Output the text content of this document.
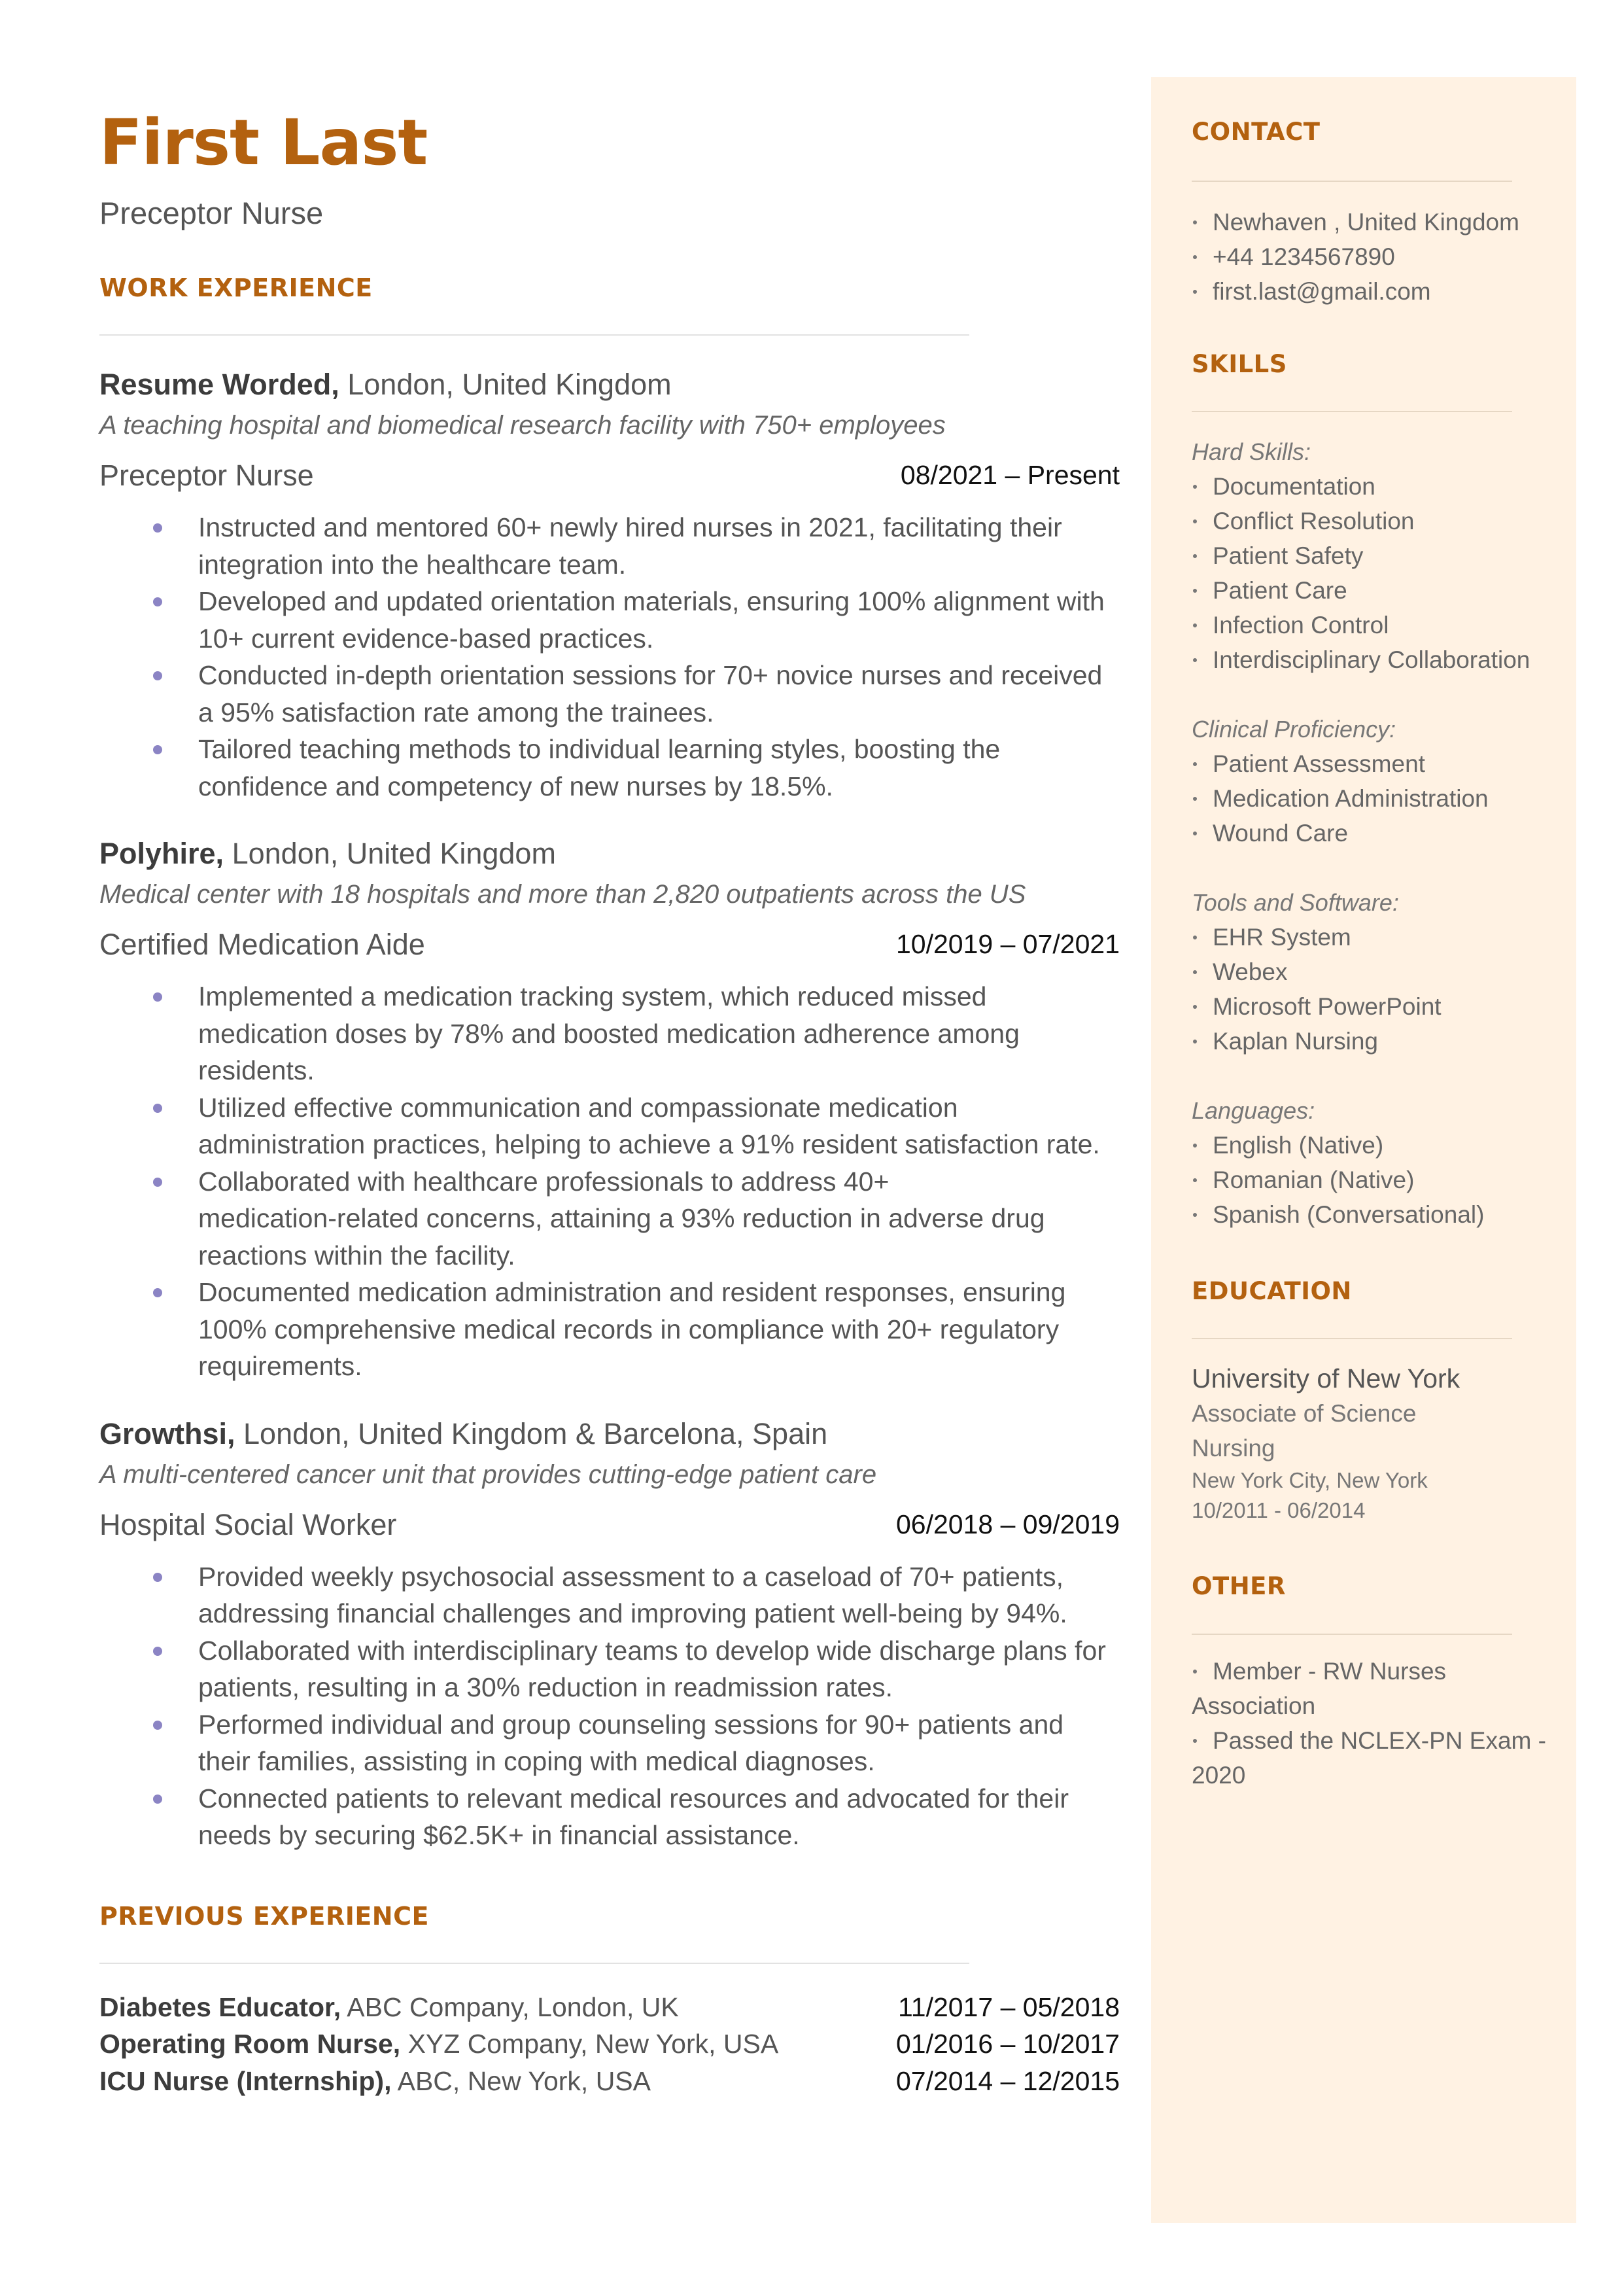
First Last
Preceptor Nurse
WORK EXPERIENCE
Resume Worded, London, United Kingdom
A teaching hospital and biomedical research facility with 750+ employees
Preceptor Nurse	08/2021 – Present
Instructed and mentored 60+ newly hired nurses in 2021, facilitating their
integration into the healthcare team.
Developed and updated orientation materials, ensuring 100% alignment with
10+ current evidence-based practices.
Conducted in-depth orientation sessions for 70+ novice nurses and received
a 95% satisfaction rate among the trainees.
Tailored teaching methods to individual learning styles, boosting the
confidence and competency of new nurses by 18.5%.
Polyhire, London, United Kingdom
Medical center with 18 hospitals and more than 2,820 outpatients across the US
Certified Medication Aide	10/2019 – 07/2021
Implemented a medication tracking system, which reduced missed
medication doses by 78% and boosted medication adherence among
residents.
Utilized effective communication and compassionate medication
administration practices, helping to achieve a 91% resident satisfaction rate.
Collaborated with healthcare professionals to address 40+
medication-related concerns, attaining a 93% reduction in adverse drug
reactions within the facility.
Documented medication administration and resident responses, ensuring
100% comprehensive medical records in compliance with 20+ regulatory
requirements.
Growthsi, London, United Kingdom & Barcelona, Spain
A multi-centered cancer unit that provides cutting-edge patient care
Hospital Social Worker	06/2018 – 09/2019
Provided weekly psychosocial assessment to a caseload of 70+ patients,
addressing financial challenges and improving patient well-being by 94%.
Collaborated with interdisciplinary teams to develop wide discharge plans for
patients, resulting in a 30% reduction in readmission rates.
Performed individual and group counseling sessions for 90+ patients and
their families, assisting in coping with medical diagnoses.
Connected patients to relevant medical resources and advocated for their
needs by securing $62.5K+ in financial assistance.
PREVIOUS EXPERIENCE
Diabetes Educator, ABC Company, London, UK	11/2017 – 05/2018
Operating Room Nurse, XYZ Company, New York, USA	01/2016 – 10/2017
ICU Nurse (Internship), ABC, New York, USA	07/2014 – 12/2015
CONTACT
Newhaven , United Kingdom
+44 1234567890
first.last@gmail.com
SKILLS
Hard Skills:
Documentation
Conflict Resolution
Patient Safety
Patient Care
Infection Control
Interdisciplinary Collaboration
Clinical Proficiency:
Patient Assessment
Medication Administration
Wound Care
Tools and Software:
EHR System
Webex
Microsoft PowerPoint
Kaplan Nursing
Languages:
English (Native)
Romanian (Native)
Spanish (Conversational)
EDUCATION
University of New York
Associate of Science
Nursing
New York City, New York
10/2011 - 06/2014
OTHER
Member - RW Nurses
Association
Passed the NCLEX-PN Exam -
2020
